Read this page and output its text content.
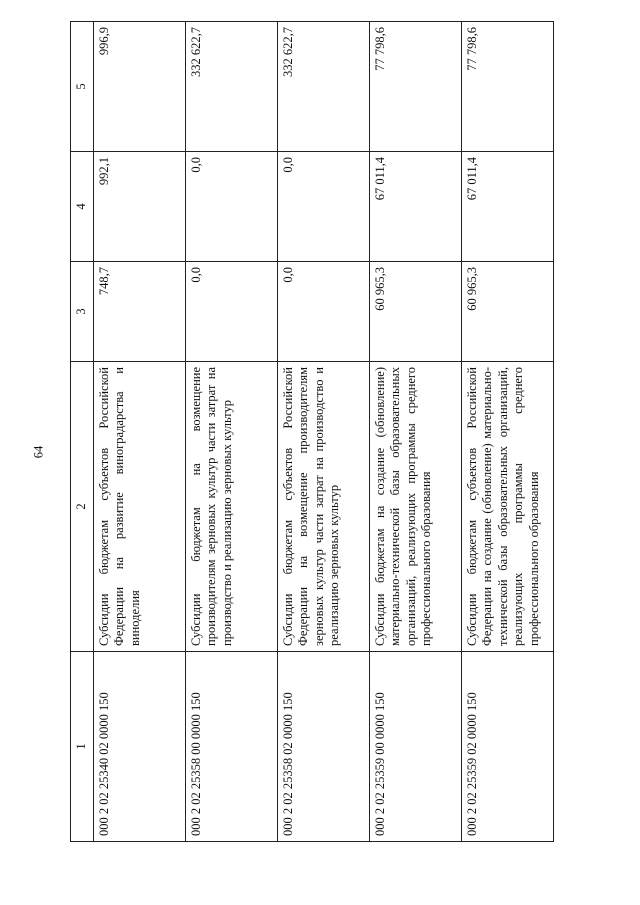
64
1	2	3	4	5
000 2 02 25340 02 0000 150	Субсидии бюджетам субъектов Российской Федерации на развитие виноградарства и виноделия	748,7	992,1	996,9
000 2 02 25358 00 0000 150	Субсидии бюджетам на возмещение производителям зерновых культур части затрат на производство и реализацию зерновых культур	0,0	0,0	332 622,7
000 2 02 25358 02 0000 150	Субсидии бюджетам субъектов Российской Федерации на возмещение производителям зерновых культур части затрат на производство и реализацию зерновых культур	0,0	0,0	332 622,7
000 2 02 25359 00 0000 150	Субсидии бюджетам на создание (обновление) материально-технической базы образовательных организаций, реализующих программы среднего профессионального образования	60 965,3	67 011,4	77 798,6
000 2 02 25359 02 0000 150	Субсидии бюджетам субъектов Российской Федерации на создание (обновление) материально-технической базы образовательных организаций, реализующих программы среднего профессионального образования	60 965,3	67 011,4	77 798,6
